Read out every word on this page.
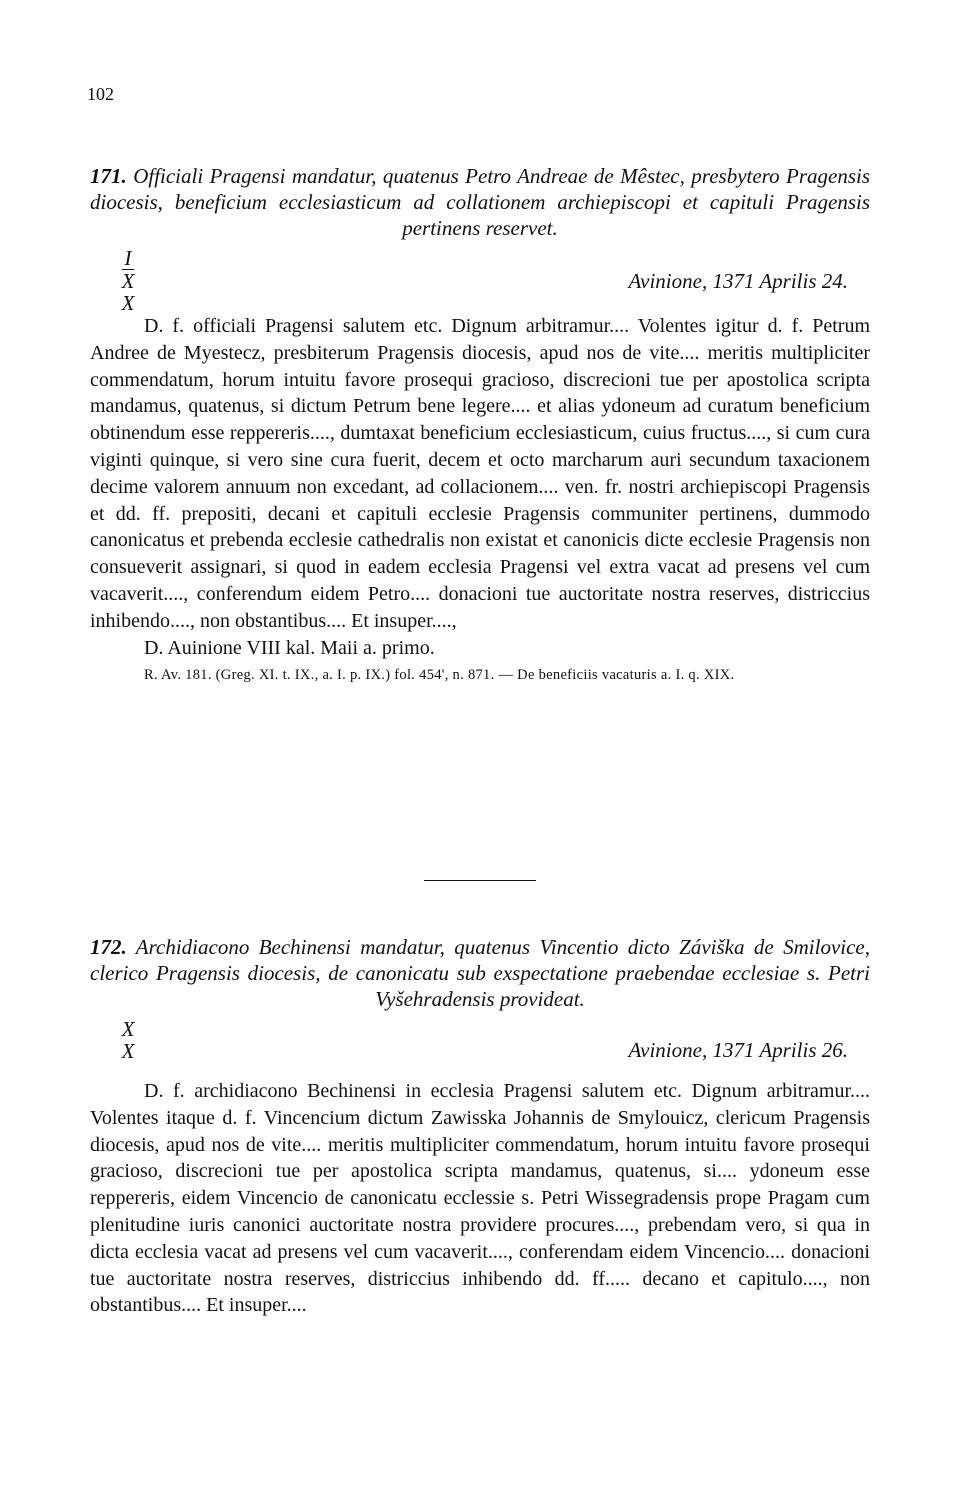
102

171. Officiali Pragensi mandatur, quatenus Petro Andreae de Mêstec, presbytero Pragensis diocesis, beneficium ecclesiasticum ad collationem archiepiscopi et capituli Pragensis pertinens reservet.

I
X
X
Avinione, 1371 Aprilis 24.

D. f. officiali Pragensi salutem etc. Dignum arbitramur.... Volentes igitur d. f. Petrum Andree de Myestecz, presbiterum Pragensis diocesis, apud nos de vite.... meritis multipliciter commendatum, horum intuitu favore prosequi gracioso, discrecioni tue per apostolica scripta mandamus, quatenus, si dictum Petrum bene legere.... et alias ydoneum ad curatum beneficium obtinendum esse reppereris...., dumtaxat beneficium ecclesiasticum, cuius fructus...., si cum cura viginti quinque, si vero sine cura fuerit, decem et octo marcharum auri secundum taxacionem decime valorem annuum non excedant, ad collacionem.... ven. fr. nostri archiepiscopi Pragensis et dd. ff. prepositi, decani et capituli ecclesie Pragensis communiter pertinens, dummodo canonicatus et prebenda ecclesie cathedralis non existat et canonicis dicte ecclesie Pragensis non consueverit assignari, si quod in eadem ecclesia Pragensi vel extra vacat ad presens vel cum vacaverit...., conferendum eidem Petro.... donacioni tue auctoritate nostra reserves, districcius inhibendo...., non obstantibus.... Et insuper....,

D. Auinione VIII kal. Maii a. primo.

R. Av. 181. (Greg. XI. t. IX., a. I. p. IX.) fol. 454', n. 871. — De beneficiis vacaturis a. I. q. XIX.

172. Archidiacono Bechinensi mandatur, quatenus Vincentio dicto Záviška de Smilovice, clerico Pragensis diocesis, de canonicatu sub exspectatione praebendae ecclesiae s. Petri Vyšehradensis provideat.

X
X	Avinione, 1371 Aprilis 26.

D. f. archidiacono Bechinensi in ecclesia Pragensi salutem etc. Dignum arbitramur.... Volentes itaque d. f. Vincencium dictum Zawisska Johannis de Smylouicz, clericum Pragensis diocesis, apud nos de vite.... meritis multipliciter commendatum, horum intuitu favore prosequi gracioso, discrecioni tue per apostolica scripta mandamus, quatenus, si.... ydoneum esse reppereris, eidem Vincencio de canonicatu ecclessie s. Petri Wissegradensis prope Pragam cum plenitudine iuris canonici auctoritate nostra providere procures...., prebendam vero, si qua in dicta ecclesia vacat ad presens vel cum vacaverit...., conferendam eidem Vincencio.... donacioni tue auctoritate nostra reserves, districcius inhibendo dd. ff..... decano et capitulo...., non obstantibus.... Et insuper....
